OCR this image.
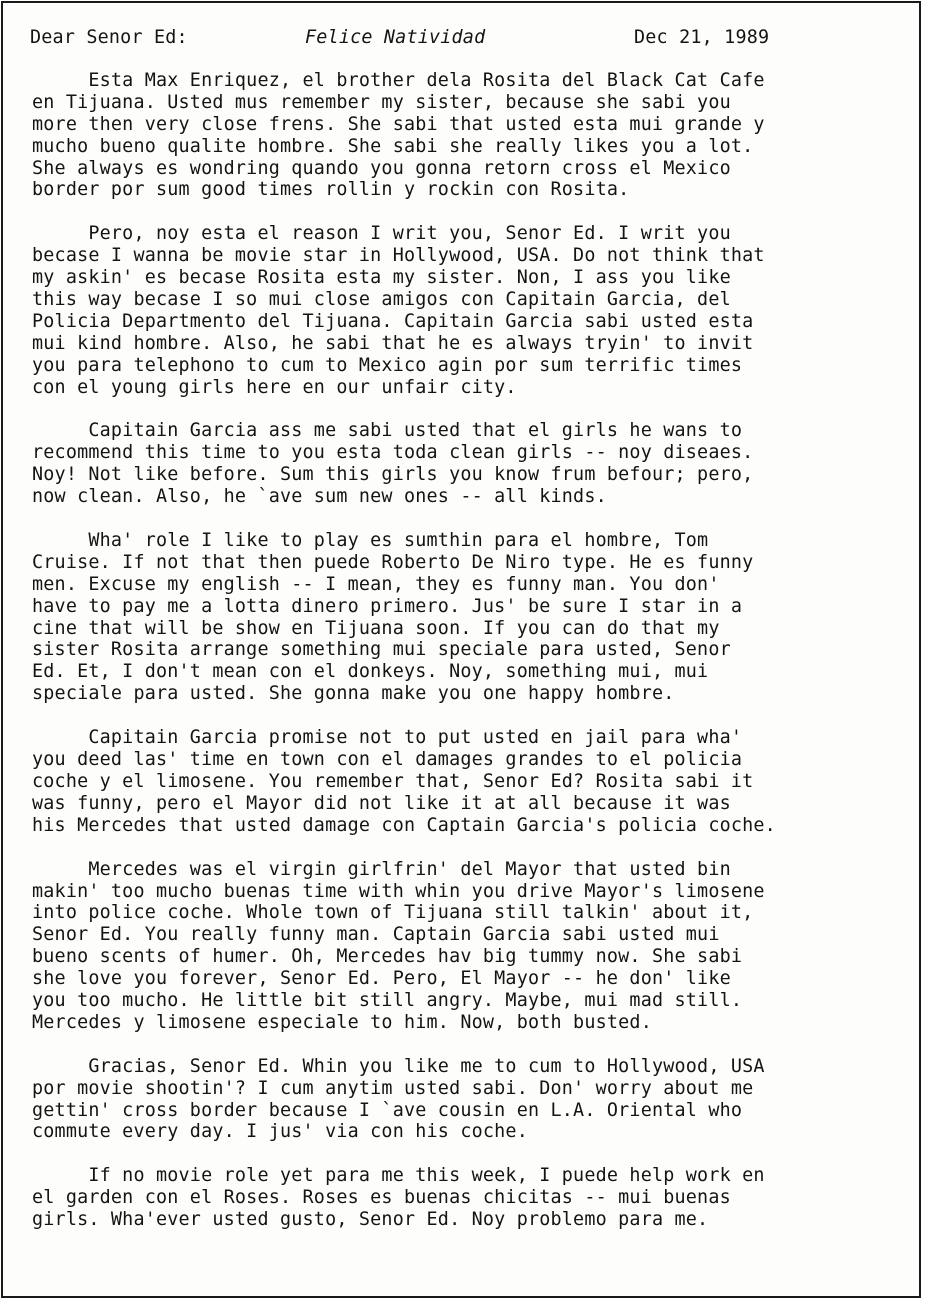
Dear Senor Ed:	Felice Natividad	Dec 21, 1989
Esta Max Enriquez, el brother dela Rosita del Black Cat Cafe
en Tijuana. Usted mus remember my sister, because she sabi you
more then very close frens. She sabi that usted esta mui grande y
mucho bueno qualite hombre. She sabi she really likes you a lot.
She always es wondring quando you gonna retorn cross el Mexico
border por sum good times rollin y rockin con Rosita.
Pero, noy esta el reason I writ you, Senor Ed. I writ you
becase I wanna be movie star in Hollywood, USA. Do not think that
my askin' es becase Rosita esta my sister. Non, I ass you like
this way becase I so mui close amigos con Capitain Garcia, del
Policia Departmento del Tijuana. Capitain Garcia sabi usted esta
mui kind hombre. Also, he sabi that he es always tryin' to invit
you para telephono to cum to Mexico agin por sum terrific times
con el young girls here en our unfair city.
Capitain Garcia ass me sabi usted that el girls he wans to
recommend this time to you esta toda clean girls -- noy diseaes.
Noy! Not like before. Sum this girls you know frum befour; pero,
now clean. Also, he `ave sum new ones -- all kinds.
Wha' role I like to play es sumthin para el hombre, Tom
Cruise. If not that then puede Roberto De Niro type. He es funny
men. Excuse my english -- I mean, they es funny man. You don'
have to pay me a lotta dinero primero. Jus' be sure I star in a
cine that will be show en Tijuana soon. If you can do that my
sister Rosita arrange something mui speciale para usted, Senor
Ed. Et, I don't mean con el donkeys. Noy, something mui, mui
speciale para usted. She gonna make you one happy hombre.
Capitain Garcia promise not to put usted en jail para wha'
you deed las' time en town con el damages grandes to el policia
coche y el limosene. You remember that, Senor Ed? Rosita sabi it
was funny, pero el Mayor did not like it at all because it was
his Mercedes that usted damage con Captain Garcia's policia coche.
Mercedes was el virgin girlfrin' del Mayor that usted bin
makin' too mucho buenas time with whin you drive Mayor's limosene
into police coche. Whole town of Tijuana still talkin' about it,
Senor Ed. You really funny man. Captain Garcia sabi usted mui
bueno scents of humer. Oh, Mercedes hav big tummy now. She sabi
she love you forever, Senor Ed. Pero, El Mayor -- he don' like
you too mucho. He little bit still angry. Maybe, mui mad still.
Mercedes y limosene especiale to him. Now, both busted.
Gracias, Senor Ed. Whin you like me to cum to Hollywood, USA
por movie shootin'? I cum anytim usted sabi. Don' worry about me
gettin' cross border because I `ave cousin en L.A. Oriental who
commute every day. I jus' via con his coche.
If no movie role yet para me this week, I puede help work en
el garden con el Roses. Roses es buenas chicitas -- mui buenas
girls. Wha'ever usted gusto, Senor Ed. Noy problemo para me.
